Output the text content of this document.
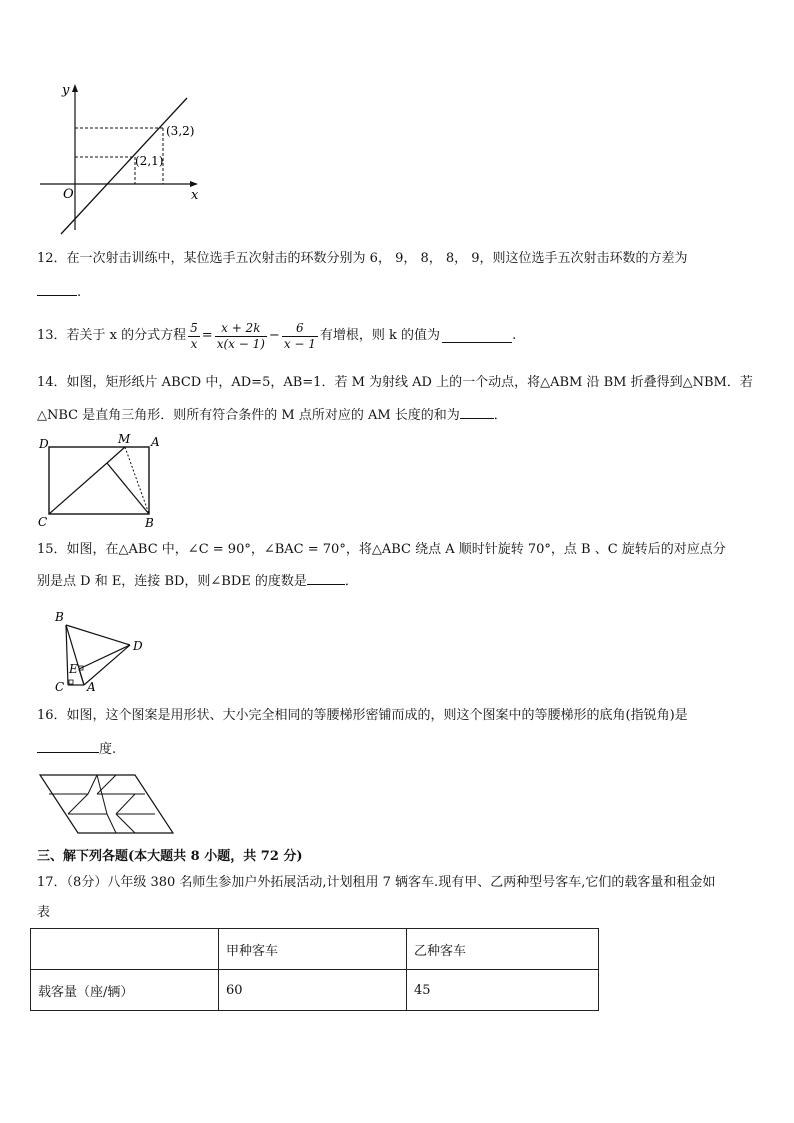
y
x
O
(3,2)
(2,1)
12．在一次射击训练中，某位选手五次射击的环数分别为 6， 9， 8， 8， 9，则这位选手五次射击环数的方差为
.
13．若关于 x 的分式方程 $\frac{5}{x} = \frac{x + 2k}{x(x - 1)} - \frac{6}{x - 1}$ 有增根，则 k 的值为	.
14．如图，矩形纸片 ABCD 中，AD=5，AB=1．若 M 为射线 AD 上的一个动点，将△ABM 沿 BM 折叠得到△NBM．若
△NBC 是直角三角形．则所有符合条件的 M 点所对应的 AM 长度的和为	．
D	M A
C	B
15．如图，在△ABC 中，∠C = 90°，∠BAC = 70°，将△ABC 绕点 A 顺时针旋转 70°，点 B 、C 旋转后的对应点分
别是点 D 和 E，连接 BD，则∠BDE 的度数是	．
B
D
E
C A
16．如图，这个图案是用形状、大小完全相同的等腰梯形密铺而成的，则这个图案中的等腰梯形的底角(指锐角)是
度.
三、解下列各题(本大题共 8 小题，共 72 分)
17．（8分）八年级 380 名师生参加户外拓展活动,计划租用 7 辆客车.现有甲、乙两种型号客车,它们的载客量和租金如
表
	甲种客车	乙种客车
载客量（座/辆）	60	45
